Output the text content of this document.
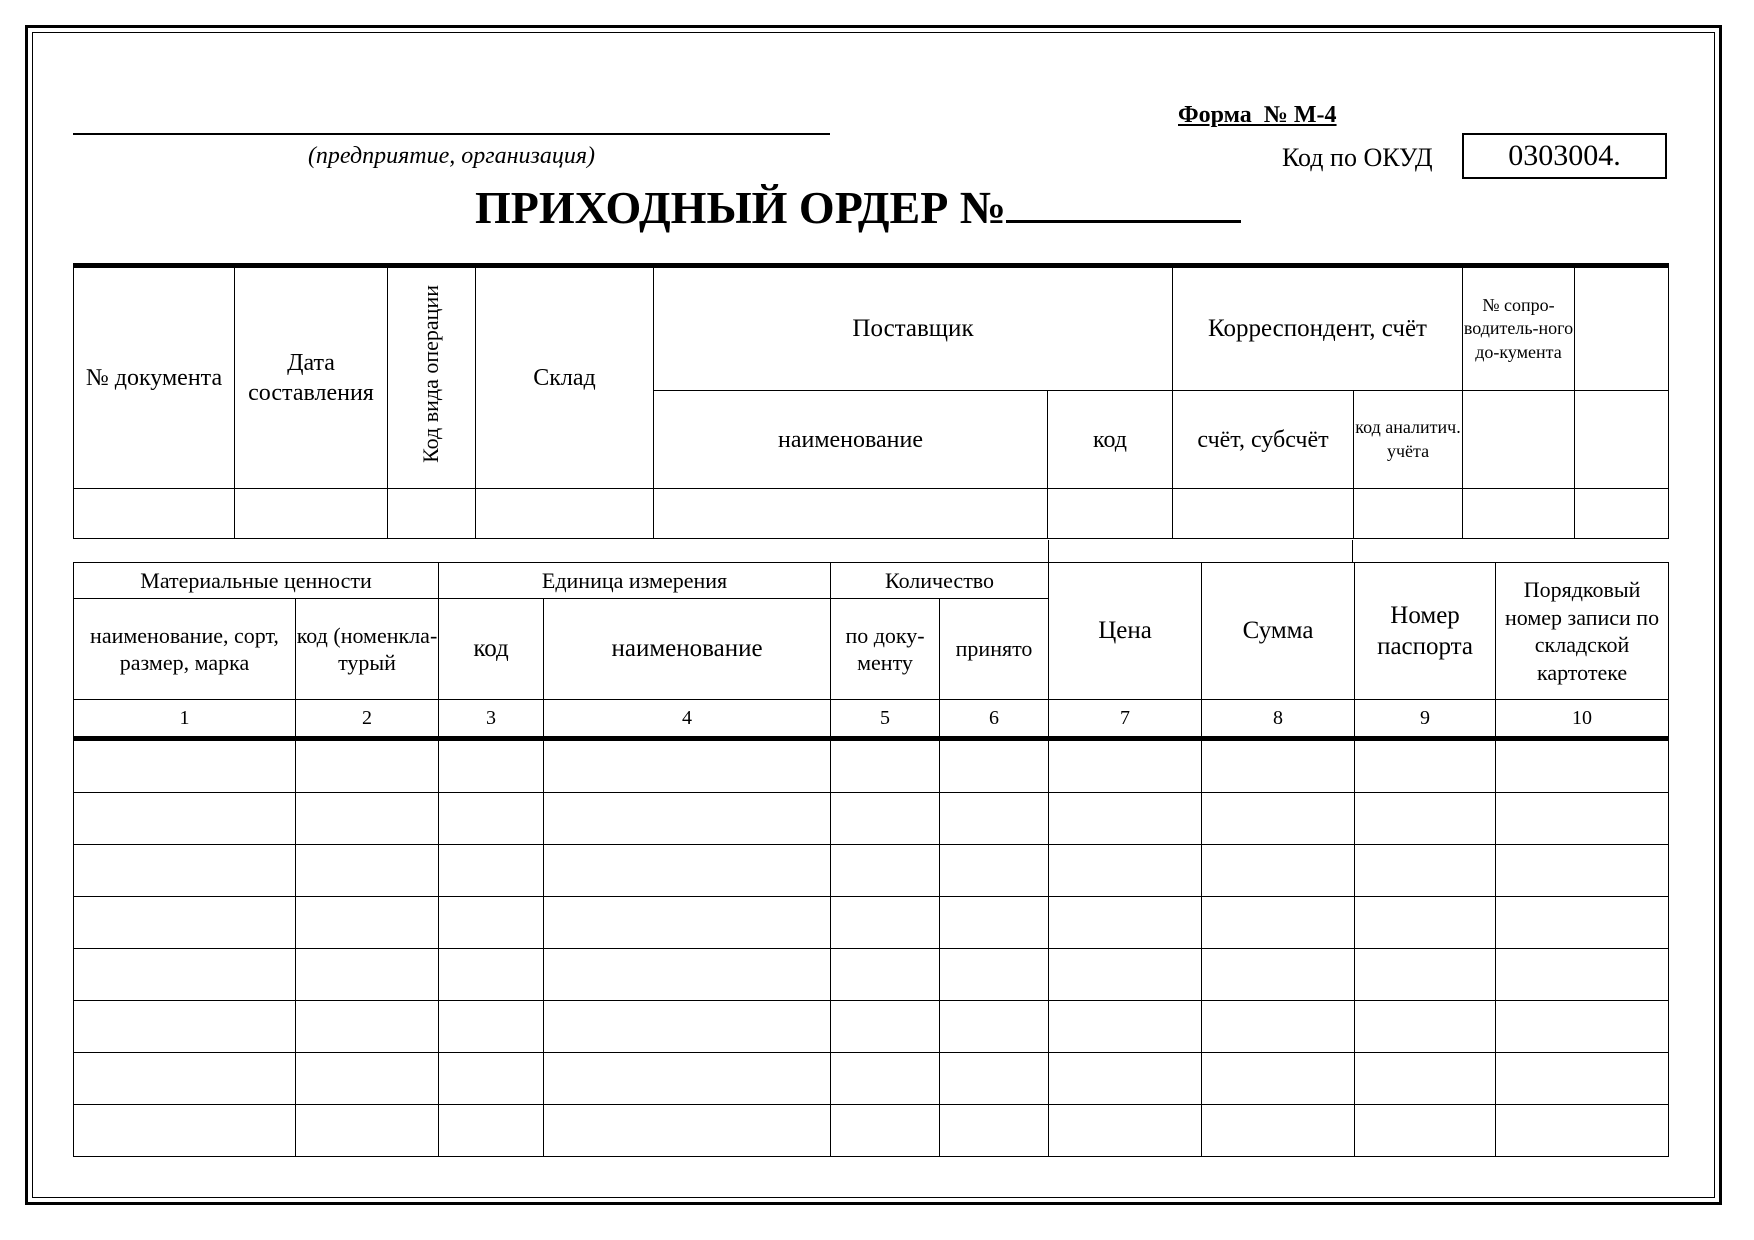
(предприятие, организация)
Форма  № М-4
Код по ОКУД	0303004.
ПРИХОДНЫЙ ОРДЕР №
№ документа	Дата составления	Код вида операции	Склад	Поставщик		Корреспондент, счёт		№ сопро-водитель-ного до-кумента	
				наименование	код	счёт, субсчёт	код аналитич. учёта		

Материальные ценности		Единица измерения		Количество		Цена	Сумма	Номер паспорта	Порядковый номер записи по складской картотеке
наименование, сорт, размер, марка	код (номенкла-турый	код	наименование	по доку-менту	принято				
1	2	3	4	5	6	7	8	9	10
